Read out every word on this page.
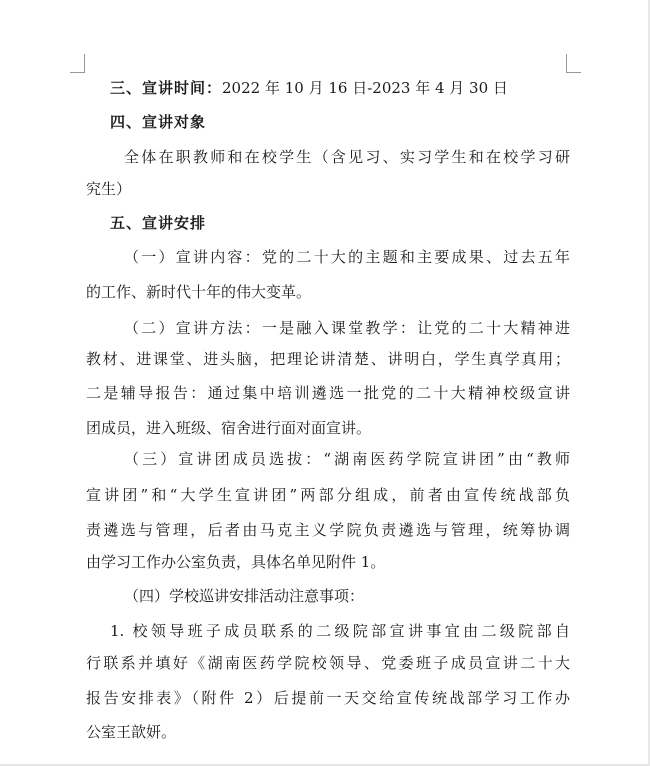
三、宣讲时间：2022 年 10 月 16 日-2023 年 4 月 30 日
四、宣讲对象
全体在职教师和在校学生（含见习、实习学生和在校学习研
究生）
五、宣讲安排
（一）宣讲内容：党的二十大的主题和主要成果、过去五年
的工作、新时代十年的伟大变革。
（二）宣讲方法：一是融入课堂教学：让党的二十大精神进
教材、进课堂、进头脑，把理论讲清楚、讲明白，学生真学真用；
二是辅导报告：通过集中培训遴选一批党的二十大精神校级宣讲
团成员，进入班级、宿舍进行面对面宣讲。
（三）宣讲团成员选拔：“湖南医药学院宣讲团”由“教师
宣讲团”和“大学生宣讲团”两部分组成，前者由宣传统战部负
责遴选与管理，后者由马克主义学院负责遴选与管理，统筹协调
由学习工作办公室负责，具体名单见附件 1。
（四）学校巡讲安排活动注意事项：
1. 校领导班子成员联系的二级院部宣讲事宜由二级院部自
行联系并填好《湖南医药学院校领导、党委班子成员宣讲二十大
报告安排表》（附件 2）后提前一天交给宣传统战部学习工作办
公室王歆妍。
